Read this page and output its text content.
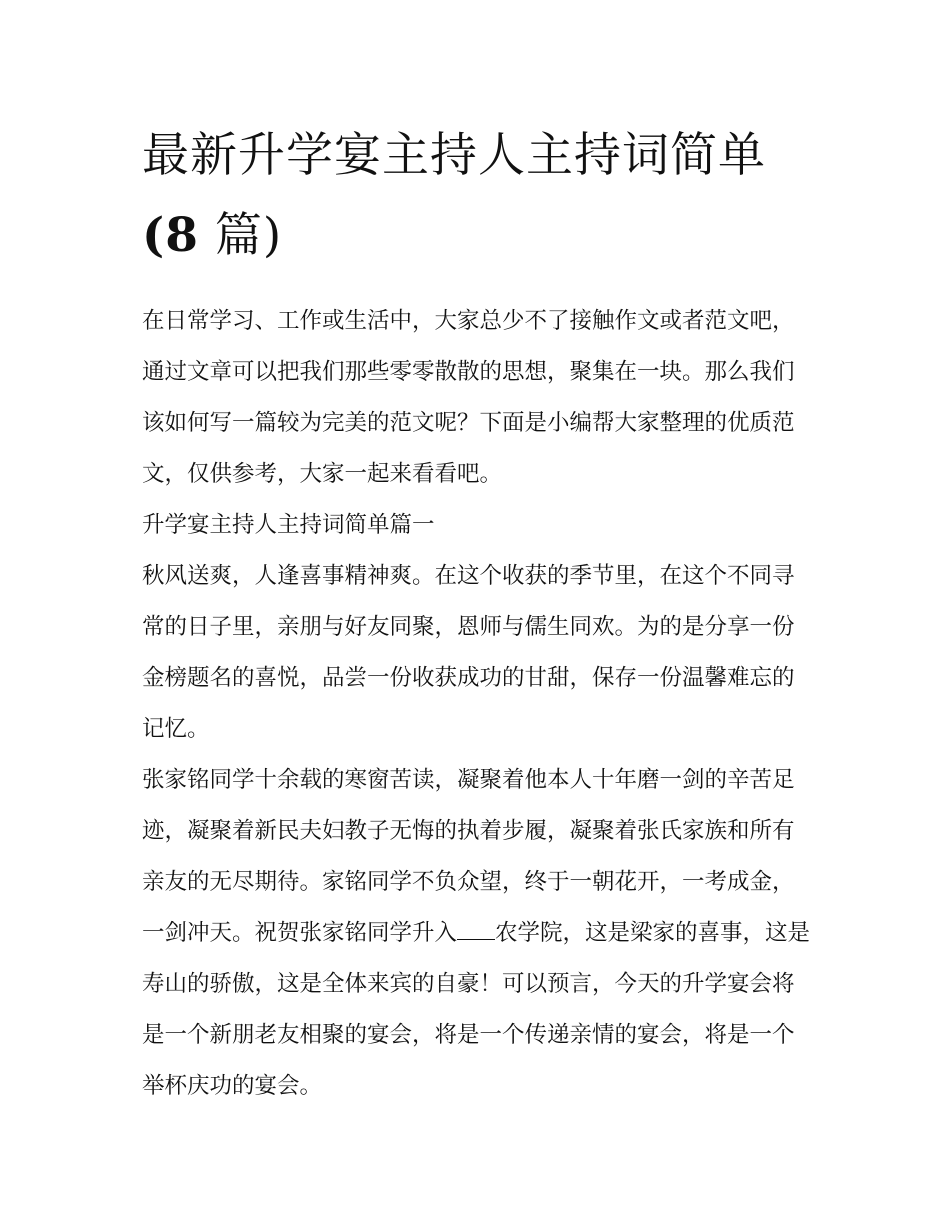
最新升学宴主持人主持词简单
(8 篇)

在日常学习、工作或生活中，大家总少不了接触作文或者范文吧，通过文章可以把我们那些零零散散的思想，聚集在一块。那么我们该如何写一篇较为完美的范文呢？下面是小编帮大家整理的优质范文，仅供参考，大家一起来看看吧。

升学宴主持人主持词简单篇一

秋风送爽，人逢喜事精神爽。在这个收获的季节里，在这个不同寻常的日子里，亲朋与好友同聚，恩师与儒生同欢。为的是分享一份金榜题名的喜悦，品尝一份收获成功的甘甜，保存一份温馨难忘的记忆。

张家铭同学十余载的寒窗苦读，凝聚着他本人十年磨一剑的辛苦足迹，凝聚着新民夫妇教子无悔的执着步履，凝聚着张氏家族和所有亲友的无尽期待。家铭同学不负众望，终于一朝花开，一考成金，一剑冲天。祝贺张家铭同学升入 农学院，这是梁家的喜事，这是寿山的骄傲，这是全体来宾的自豪！可以预言，今天的升学宴会将是一个新朋老友相聚的宴会，将是一个传递亲情的宴会，将是一个举杯庆功的宴会。
